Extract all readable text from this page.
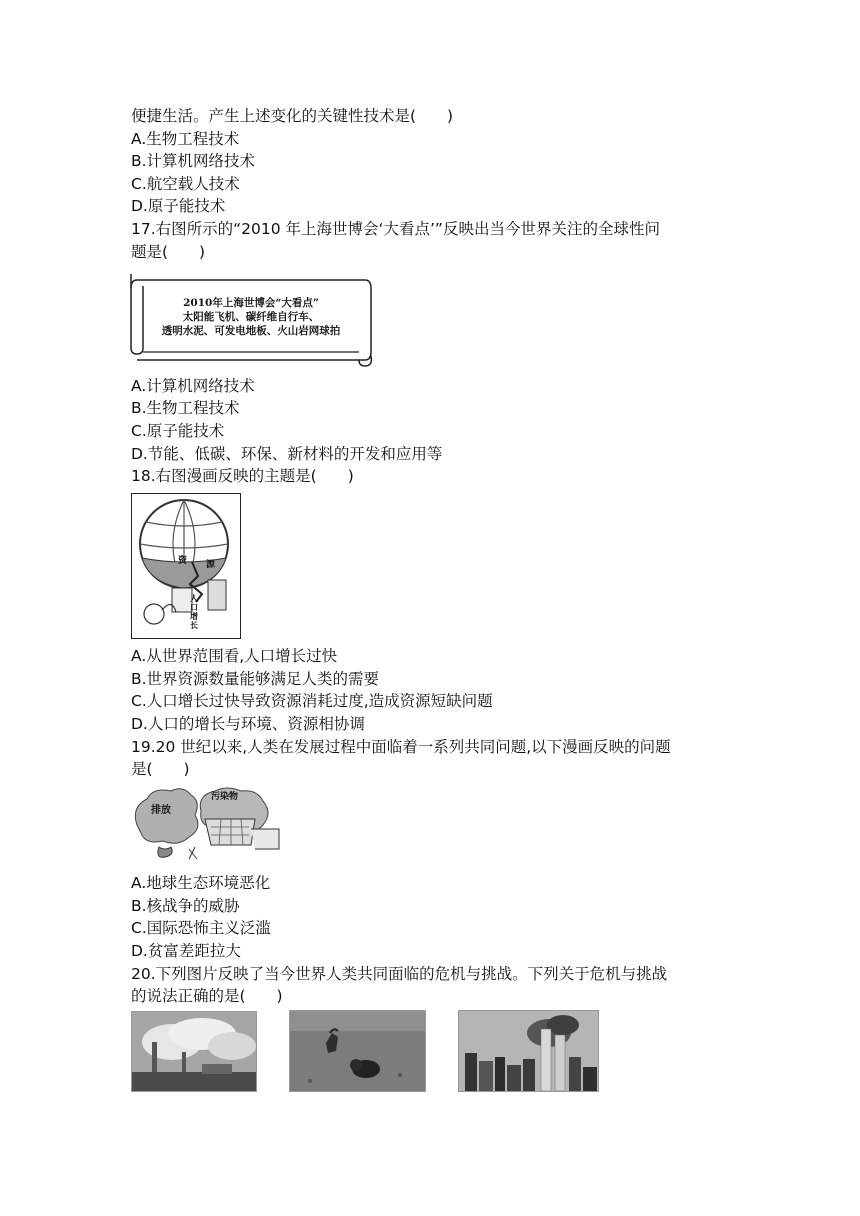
便捷生活。产生上述变化的关键性技术是(　　)
A.生物工程技术
B.计算机网络技术
C.航空载人技术
D.原子能技术
17.右图所示的“2010 年上海世博会‘大看点’”反映出当今世界关注的全球性问
题是(　　)
2010年上海世博会“大看点”
太阳能飞机、碳纤维自行车、
透明水泥、可发电地板、火山岩网球拍
A.计算机网络技术
B.生物工程技术
C.原子能技术
D.节能、低碳、环保、新材料的开发和应用等
18.右图漫画反映的主题是(　　)
资 源
人口增长
A.从世界范围看,人口增长过快
B.世界资源数量能够满足人类的需要
C.人口增长过快导致资源消耗过度,造成资源短缺问题
D.人口的增长与环境、资源相协调
19.20 世纪以来,人类在发展过程中面临着一系列共同问题,以下漫画反映的问题
是(　　)
排放
污染物
A.地球生态环境恶化
B.核战争的威胁
C.国际恐怖主义泛滥
D.贫富差距拉大
20.下列图片反映了当今世界人类共同面临的危机与挑战。下列关于危机与挑战
的说法正确的是(　　)
